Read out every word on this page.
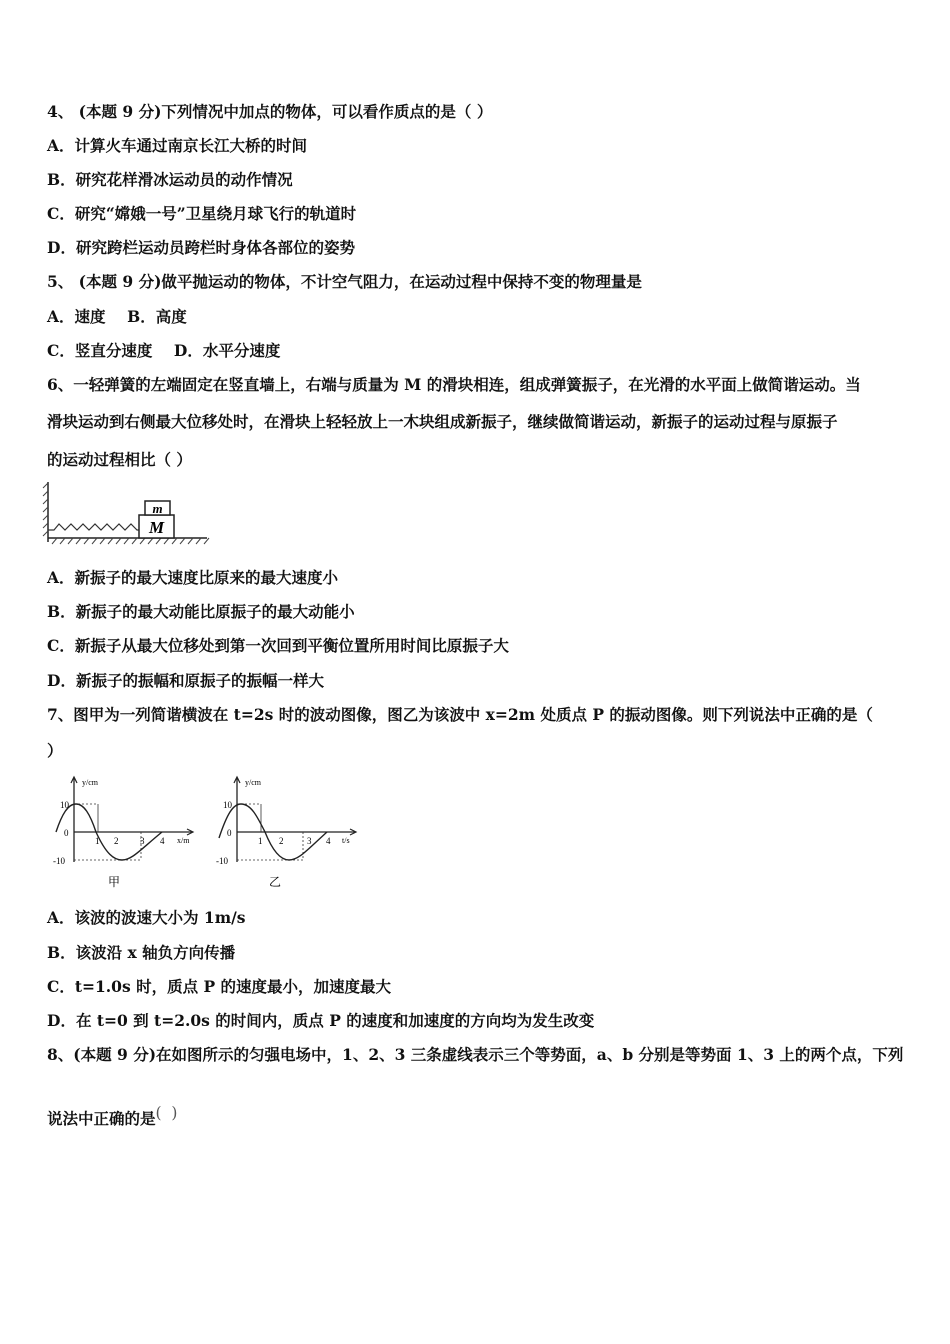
4、 (本题 9 分)下列情况中加点的物体，可以看作质点的是（ ）
A．计算火车通过南京长江大桥的时间
B．研究花样滑冰运动员的动作情况
C．研究“嫦娥一号”卫星绕月球飞行的轨道时
D．研究跨栏运动员跨栏时身体各部位的姿势
5、 (本题 9 分)做平抛运动的物体，不计空气阻力，在运动过程中保持不变的物理量是
A．速度    B．高度
C．竖直分速度    D．水平分速度
6、一轻弹簧的左端固定在竖直墙上，右端与质量为 M 的滑块相连，组成弹簧振子，在光滑的水平面上做简谐运动。当
滑块运动到右侧最大位移处时，在滑块上轻轻放上一木块组成新振子，继续做简谐运动，新振子的运动过程与原振子
的运动过程相比（ ）
m
M
A．新振子的最大速度比原来的最大速度小
B．新振子的最大动能比原振子的最大动能小
C．新振子从最大位移处到第一次回到平衡位置所用时间比原振子大
D．新振子的振幅和原振子的振幅一样大
7、图甲为一列简谐横波在 t=2s 时的波动图像，图乙为该波中 x=2m 处质点 P 的振动图像。则下列说法中正确的是（
）
y/cm
10
0
-10
1 2 3 4 x/m
甲
y/cm
10
0
-10
1 2	3 4 t/s
乙
A．该波的波速大小为 1m/s
B．该波沿 x 轴负方向传播
C．t=1.0s 时，质点 P 的速度最小，加速度最大
D．在 t=0 到 t=2.0s 的时间内，质点 P 的速度和加速度的方向均为发生改变
8、(本题 9 分)在如图所示的匀强电场中，1、2、3 三条虚线表示三个等势面，a、b 分别是等势面 1、3 上的两个点，下列
说法中正确的是(  )
